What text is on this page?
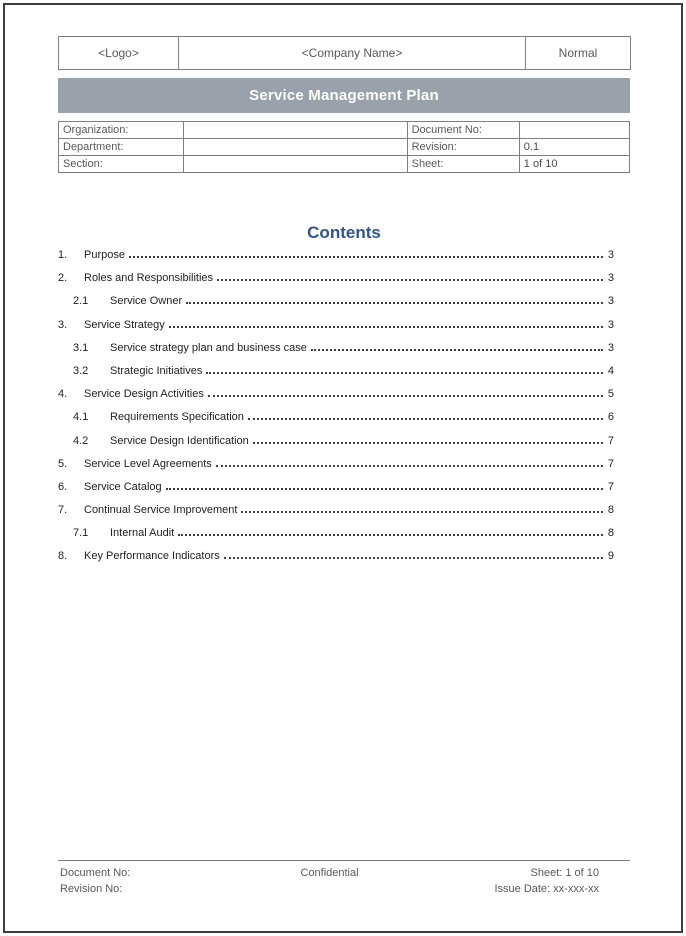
<Logo>	<Company Name>	Normal
Service Management Plan
Organization:		Document No:	
Department:		Revision:	0.1
Section:		Sheet:	1 of 10
Contents
1.	Purpose	3
2.	Roles and Responsibilities	3
2.1	Service Owner	3
3.	Service Strategy	3
3.1	Service strategy plan and business case	3
3.2	Strategic Initiatives	4
4.	Service Design Activities	5
4.1	Requirements Specification	6
4.2	Service Design Identification	7
5.	Service Level Agreements	7
6.	Service Catalog	7
7.	Continual Service Improvement	8
7.1	Internal Audit	8
8.	Key Performance Indicators	9
Document No:
Revision No:
Confidential	Sheet: 1 of 10
Issue Date: xx-xxx-xx
